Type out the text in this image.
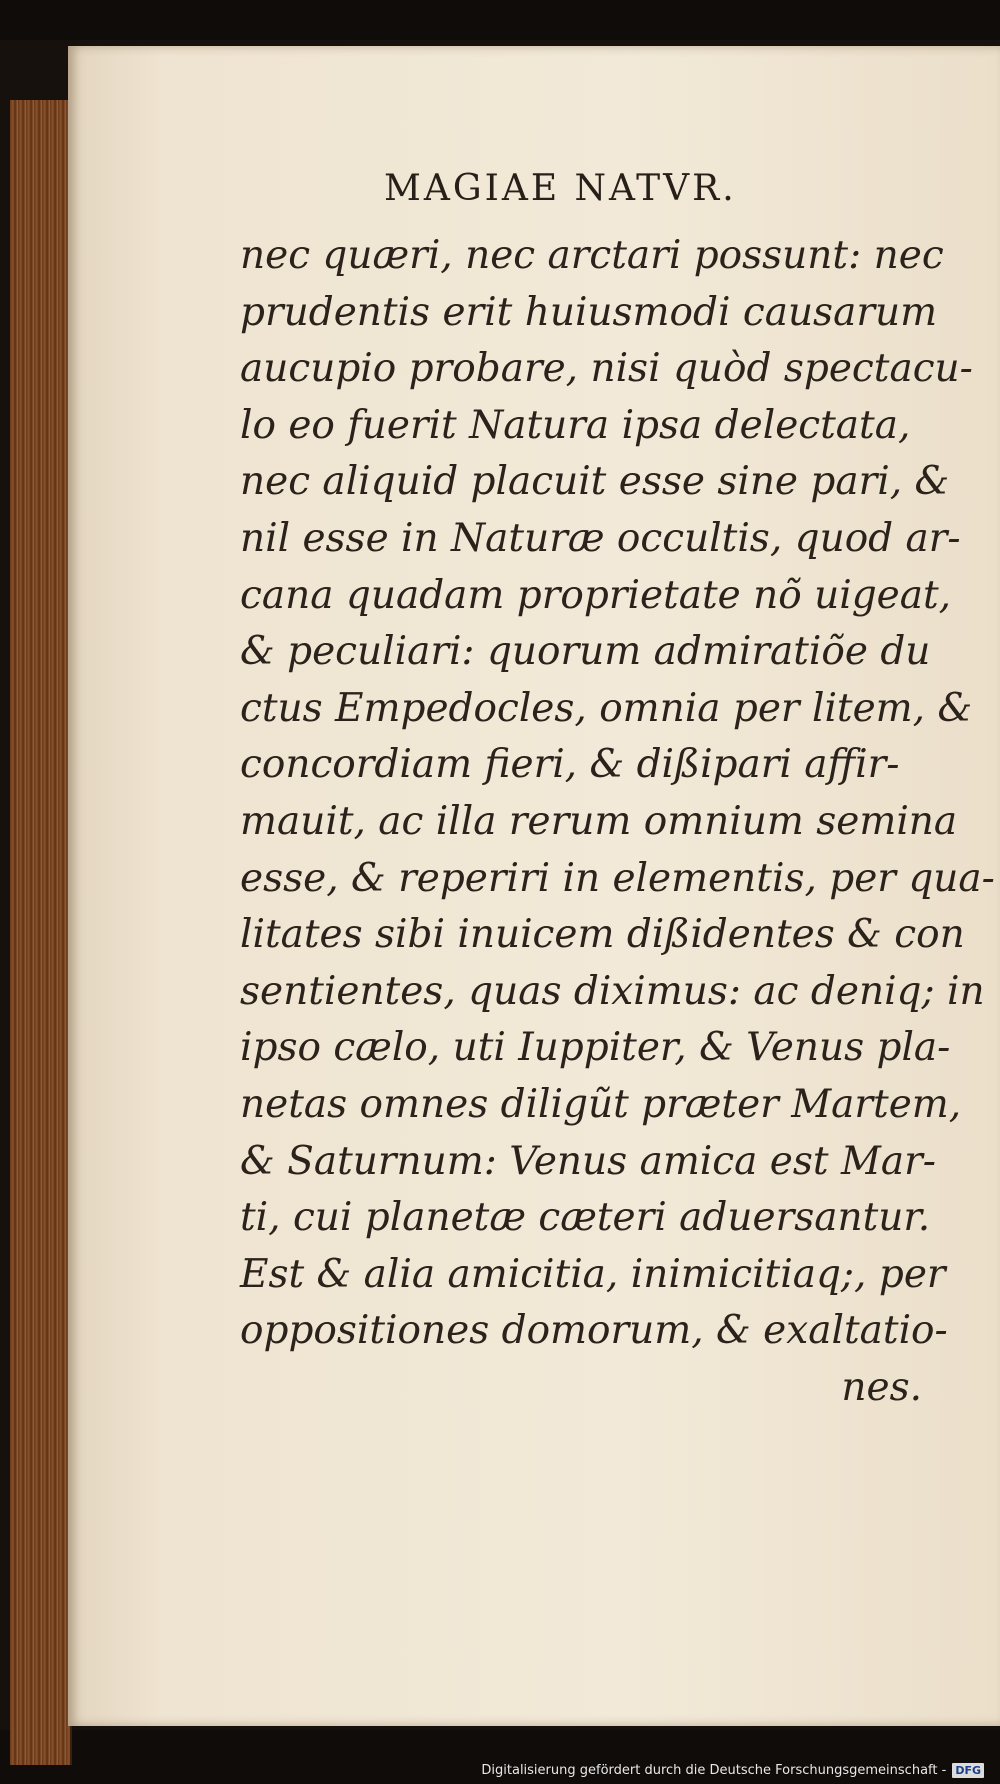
MAGIAE NATVR.
nec quæri, nec arctari possunt: nec
prudentis erit huiusmodi causarum
aucupio probare, nisi quòd spectacu-
lo eo fuerit Natura ipsa delectata,
nec aliquid placuit esse sine pari, &
nil esse in Naturæ occultis, quod ar-
cana quadam proprietate nõ uigeat,
& peculiari: quorum admiratiõe du
ctus Empedocles, omnia per litem, &
concordiam fieri, & dißipari affir-
mauit, ac illa rerum omnium semina
esse, & reperiri in elementis, per qua-
litates sibi inuicem dißidentes & con
sentientes, quas diximus: ac deniq; in
ipso cælo, uti Iuppiter, & Venus pla-
netas omnes diligũt præter Martem,
& Saturnum: Venus amica est Mar-
ti, cui planetæ cæteri aduersantur.
Est & alia amicitia, inimicitiaq;, per
oppositiones domorum, & exaltatio-
nes.
Digitalisierung gefördert durch die Deutsche Forschungsgemeinschaft - DFG
